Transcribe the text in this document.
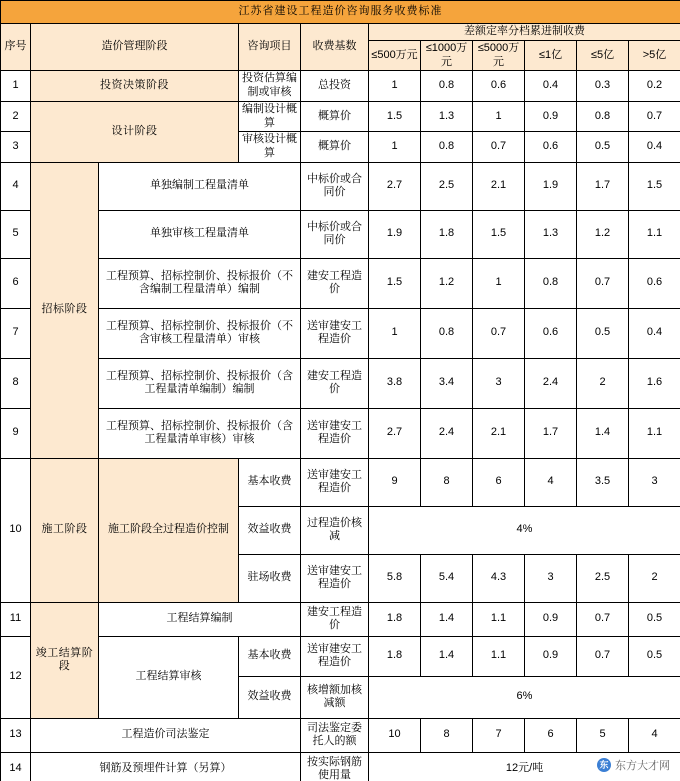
江苏省建设工程造价咨询服务收费标准										
序号	造价管理阶段		咨询项目	收费基数	差额定率分档累进制收费					
					≤500万元	≤1000万元	≤5000万元	≤1亿	≤5亿	>5亿
1	投资决策阶段		投资估算编制或审核	总投资	1	0.8	0.6	0.4	0.3	0.2
2	设计阶段		编制设计概算	概算价	1.5	1.3	1	0.9	0.8	0.7
3			审核设计概算	概算价	1	0.8	0.7	0.6	0.5	0.4
4	招标阶段	单独编制工程量清单		中标价或合同价	2.7	2.5	2.1	1.9	1.7	1.5
5		单独审核工程量清单		中标价或合同价	1.9	1.8	1.5	1.3	1.2	1.1
6		工程预算、招标控制价、投标报价（不含编制工程量清单）编制		建安工程造价	1.5	1.2	1	0.8	0.7	0.6
7		工程预算、招标控制价、投标报价（不含审核工程量清单）审核		送审建安工程造价	1	0.8	0.7	0.6	0.5	0.4
8		工程预算、招标控制价、投标报价（含工程量清单编制）编制		建安工程造价	3.8	3.4	3	2.4	2	1.6
9		工程预算、招标控制价、投标报价（含工程量清单审核）审核		送审建安工程造价	2.7	2.4	2.1	1.7	1.4	1.1
10	施工阶段	施工阶段全过程造价控制	基本收费	送审建安工程造价	9	8	6	4	3.5	3
			效益收费	过程造价核减	4%					
			驻场收费	送审建安工程造价	5.8	5.4	4.3	3	2.5	2
11	竣工结算阶段	工程结算编制		建安工程造价	1.8	1.4	1.1	0.9	0.7	0.5
12		工程结算审核	基本收费	送审建安工程造价	1.8	1.4	1.1	0.9	0.7	0.5
			效益收费	核增额加核减额	6%					
13	工程造价司法鉴定			司法鉴定委托人的额	10	8	7	6	5	4
14	钢筋及预埋件计算（另算）			按实际钢筋使用量	12元/吨						东 东方大才网
